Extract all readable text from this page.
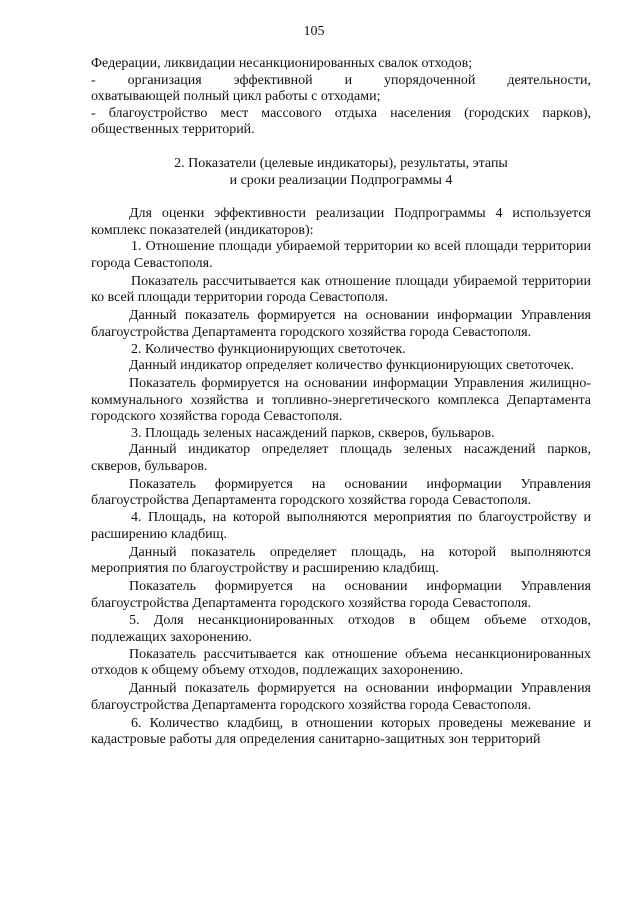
105

Федерации, ликвидации несанкционированных свалок отходов;

-    организация    эффективной    и    упорядоченной    деятельности,

охватывающей полный цикл работы с отходами;

- благоустройство мест массового отдыха населения (городских парков), общественных территорий.

2. Показатели (целевые индикаторы), результаты, этапы

и сроки реализации Подпрограммы 4

Для оценки эффективности реализации Подпрограммы 4 используется комплекс показателей (индикаторов):

1. Отношение площади убираемой территории ко всей площади территории города Севастополя.

Показатель рассчитывается как отношение площади убираемой территории ко всей площади территории города Севастополя.

Данный показатель формируется на основании информации Управления благоустройства Департамента городского хозяйства города Севастополя.

2. Количество функционирующих светоточек.

Данный индикатор определяет количество функционирующих светоточек.

Показатель формируется на основании информации Управления жилищно-коммунального хозяйства и топливно-энергетического комплекса Департамента городского хозяйства города Севастополя.

3. Площадь зеленых насаждений парков, скверов, бульваров.

Данный индикатор определяет площадь зеленых насаждений парков, скверов, бульваров.

Показатель формируется на основании информации Управления благоустройства Департамента городского хозяйства города Севастополя.

4. Площадь, на которой выполняются мероприятия по благоустройству и расширению кладбищ.

Данный показатель определяет площадь, на которой выполняются мероприятия по благоустройству и расширению кладбищ.

Показатель формируется на основании информации Управления благоустройства Департамента городского хозяйства города Севастополя.

5. Доля несанкционированных отходов в общем объеме отходов, подлежащих захоронению.

Показатель рассчитывается как отношение объема несанкционированных отходов к общему объему отходов, подлежащих захоронению.

Данный показатель формируется на основании информации Управления благоустройства Департамента городского хозяйства города Севастополя.

6. Количество кладбищ, в отношении которых проведены межевание и кадастровые работы для определения санитарно-защитных зон территорий
